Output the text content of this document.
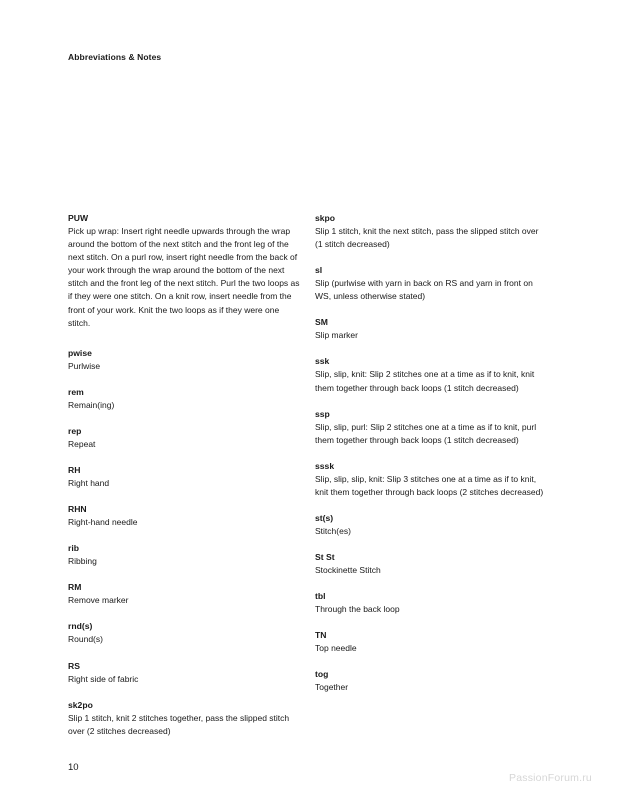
Abbreviations & Notes
PUW
Pick up wrap: Insert right needle upwards through the wrap around the bottom of the next stitch and the front leg of the next stitch. On a purl row, insert right needle from the back of your work through the wrap around the bottom of the next stitch and the front leg of the next stitch. Purl the two loops as if they were one stitch. On a knit row, insert needle from the front of your work. Knit the two loops as if they were one stitch.
pwise
Purlwise
rem
Remain(ing)
rep
Repeat
RH
Right hand
RHN
Right-hand needle
rib
Ribbing
RM
Remove marker
rnd(s)
Round(s)
RS
Right side of fabric
sk2po
Slip 1 stitch, knit 2 stitches together, pass the slipped stitch over (2 stitches decreased)
skpo
Slip 1 stitch, knit the next stitch, pass the slipped stitch over (1 stitch decreased)
sl
Slip (purlwise with yarn in back on RS and yarn in front on WS, unless otherwise stated)
SM
Slip marker
ssk
Slip, slip, knit: Slip 2 stitches one at a time as if to knit, knit them together through back loops (1 stitch decreased)
ssp
Slip, slip, purl: Slip 2 stitches one at a time as if to knit, purl them together through back loops (1 stitch decreased)
sssk
Slip, slip, slip, knit: Slip 3 stitches one at a time as if to knit, knit them together through back loops (2 stitches decreased)
st(s)
Stitch(es)
St St
Stockinette Stitch
tbl
Through the back loop
TN
Top needle
tog
Together
10
PassionForum.ru
